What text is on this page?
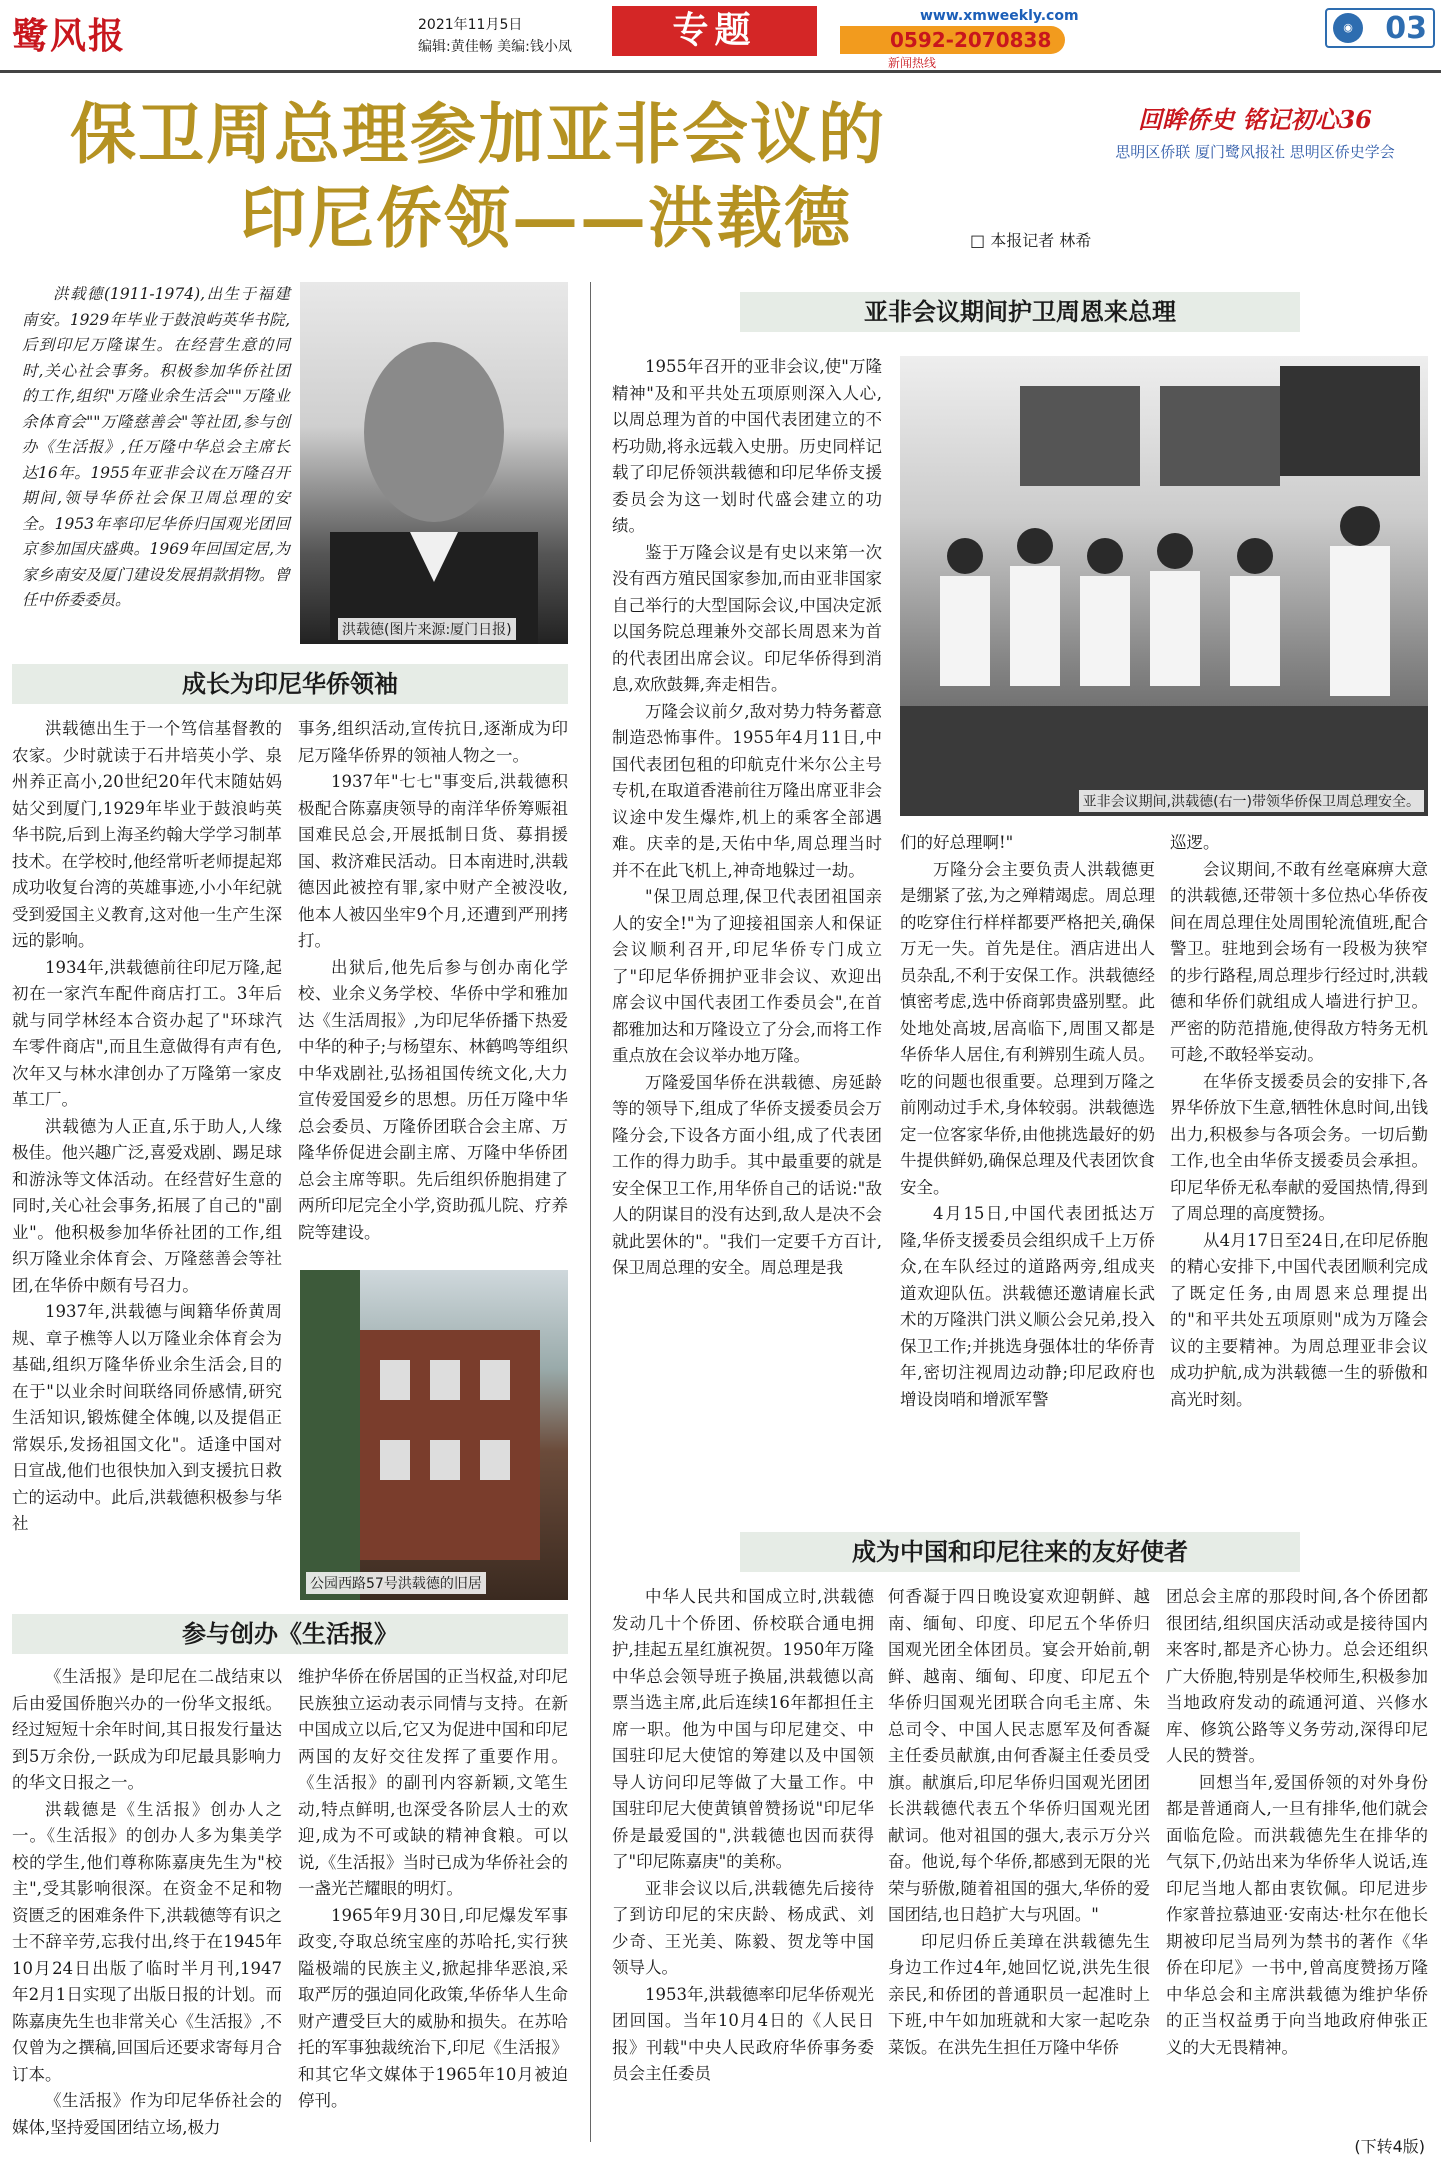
鹭风报	2021年11月5日
编辑:黄佳畅 美编:钱小凤	专题	www.xmweekly.com
0592-2070838
新闻热线
◉	03
保卫周总理参加亚非会议的
印尼侨领——洪载德
回眸侨史 铭记初心36
思明区侨联 厦门鹭风报社 思明区侨史学会
□ 本报记者 林希

洪载德(1911-1974),出生于福建南安。1929年毕业于鼓浪屿英华书院,后到印尼万隆谋生。在经营生意的同时,关心社会事务。积极参加华侨社团的工作,组织"万隆业余生活会""万隆业余体育会""万隆慈善会"等社团,参与创办《生活报》,任万隆中华总会主席长达16年。1955年亚非会议在万隆召开期间,领导华侨社会保卫周总理的安全。1953年率印尼华侨归国观光团回京参加国庆盛典。1969年回国定居,为家乡南安及厦门建设发展捐款捐物。曾任中侨委委员。

洪载德(图片来源:厦门日报)
成长为印尼华侨领袖

洪载德出生于一个笃信基督教的农家。少时就读于石井培英小学、泉州养正高小,20世纪20年代末随姑妈姑父到厦门,1929年毕业于鼓浪屿英华书院,后到上海圣约翰大学学习制革技术。在学校时,他经常听老师提起郑成功收复台湾的英雄事迹,小小年纪就受到爱国主义教育,这对他一生产生深远的影响。

1934年,洪载德前往印尼万隆,起初在一家汽车配件商店打工。3年后就与同学林经本合资办起了"环球汽车零件商店",而且生意做得有声有色,次年又与林水津创办了万隆第一家皮革工厂。

洪载德为人正直,乐于助人,人缘极佳。他兴趣广泛,喜爱戏剧、踢足球和游泳等文体活动。在经营好生意的同时,关心社会事务,拓展了自己的"副业"。他积极参加华侨社团的工作,组织万隆业余体育会、万隆慈善会等社团,在华侨中颇有号召力。

1937年,洪载德与闽籍华侨黄周规、章子樵等人以万隆业余体育会为基础,组织万隆华侨业余生活会,目的在于"以业余时间联络同侨感情,研究生活知识,锻炼健全体魄,以及提倡正常娱乐,发扬祖国文化"。适逢中国对日宣战,他们也很快加入到支援抗日救亡的运动中。此后,洪载德积极参与华社

事务,组织活动,宣传抗日,逐渐成为印尼万隆华侨界的领袖人物之一。

1937年"七七"事变后,洪载德积极配合陈嘉庚领导的南洋华侨筹赈祖国难民总会,开展抵制日货、募捐援国、救济难民活动。日本南进时,洪载德因此被控有罪,家中财产全被没收,他本人被囚坐牢9个月,还遭到严刑拷打。

出狱后,他先后参与创办南化学校、业余义务学校、华侨中学和雅加达《生活周报》,为印尼华侨播下热爱中华的种子;与杨望东、林鹤鸣等组织中华戏剧社,弘扬祖国传统文化,大力宣传爱国爱乡的思想。历任万隆中华总会委员、万隆侨团联合会主席、万隆华侨促进会副主席、万隆中华侨团总会主席等职。先后组织侨胞捐建了两所印尼完全小学,资助孤儿院、疗养院等建设。

公园西路57号洪载德的旧居
参与创办《生活报》

《生活报》是印尼在二战结束以后由爱国侨胞兴办的一份华文报纸。经过短短十余年时间,其日报发行量达到5万余份,一跃成为印尼最具影响力的华文日报之一。

洪载德是《生活报》创办人之一。《生活报》的创办人多为集美学校的学生,他们尊称陈嘉庚先生为"校主",受其影响很深。在资金不足和物资匮乏的困难条件下,洪载德等有识之士不辞辛劳,忘我付出,终于在1945年10月24日出版了临时半月刊,1947年2月1日实现了出版日报的计划。而陈嘉庚先生也非常关心《生活报》,不仅曾为之撰稿,回国后还要求寄每月合订本。

《生活报》作为印尼华侨社会的媒体,坚持爱国团结立场,极力

维护华侨在侨居国的正当权益,对印尼民族独立运动表示同情与支持。在新中国成立以后,它又为促进中国和印尼两国的友好交往发挥了重要作用。《生活报》的副刊内容新颖,文笔生动,特点鲜明,也深受各阶层人士的欢迎,成为不可或缺的精神食粮。可以说,《生活报》当时已成为华侨社会的一盏光芒耀眼的明灯。

1965年9月30日,印尼爆发军事政变,夺取总统宝座的苏哈托,实行狭隘极端的民族主义,掀起排华恶浪,采取严厉的强迫同化政策,华侨华人生命财产遭受巨大的威胁和损失。在苏哈托的军事独裁统治下,印尼《生活报》和其它华文媒体于1965年10月被迫停刊。

亚非会议期间护卫周恩来总理

1955年召开的亚非会议,使"万隆精神"及和平共处五项原则深入人心,以周总理为首的中国代表团建立的不朽功勋,将永远载入史册。历史同样记载了印尼侨领洪载德和印尼华侨支援委员会为这一划时代盛会建立的功绩。

鉴于万隆会议是有史以来第一次没有西方殖民国家参加,而由亚非国家自己举行的大型国际会议,中国决定派以国务院总理兼外交部长周恩来为首的代表团出席会议。印尼华侨得到消息,欢欣鼓舞,奔走相告。

万隆会议前夕,敌对势力特务蓄意制造恐怖事件。1955年4月11日,中国代表团包租的印航克什米尔公主号专机,在取道香港前往万隆出席亚非会议途中发生爆炸,机上的乘客全部遇难。庆幸的是,天佑中华,周总理当时并不在此飞机上,神奇地躲过一劫。

"保卫周总理,保卫代表团祖国亲人的安全!"为了迎接祖国亲人和保证会议顺利召开,印尼华侨专门成立了"印尼华侨拥护亚非会议、欢迎出席会议中国代表团工作委员会",在首都雅加达和万隆设立了分会,而将工作重点放在会议举办地万隆。

万隆爱国华侨在洪载德、房延龄等的领导下,组成了华侨支援委员会万隆分会,下设各方面小组,成了代表团工作的得力助手。其中最重要的就是安全保卫工作,用华侨自己的话说:"敌人的阴谋目的没有达到,敌人是决不会就此罢休的"。"我们一定要千方百计,保卫周总理的安全。周总理是我

亚非会议期间,洪载德(右一)带领华侨保卫周总理安全。

们的好总理啊!"

万隆分会主要负责人洪载德更是绷紧了弦,为之殚精竭虑。周总理的吃穿住行样样都要严格把关,确保万无一失。首先是住。酒店进出人员杂乱,不利于安保工作。洪载德经慎密考虑,选中侨商郭贵盛别墅。此处地处高坡,居高临下,周围又都是华侨华人居住,有利辨别生疏人员。吃的问题也很重要。总理到万隆之前刚动过手术,身体较弱。洪载德选定一位客家华侨,由他挑选最好的奶牛提供鲜奶,确保总理及代表团饮食安全。

4月15日,中国代表团抵达万隆,华侨支援委员会组织成千上万侨众,在车队经过的道路两旁,组成夹道欢迎队伍。洪载德还邀请雇长武术的万隆洪门洪义顺公会兄弟,投入保卫工作;并挑选身强体壮的华侨青年,密切注视周边动静;印尼政府也增设岗哨和增派军警

巡逻。

会议期间,不敢有丝毫麻痹大意的洪载德,还带领十多位热心华侨夜间在周总理住处周围轮流值班,配合警卫。驻地到会场有一段极为狭窄的步行路程,周总理步行经过时,洪载德和华侨们就组成人墙进行护卫。严密的防范措施,使得敌方特务无机可趁,不敢轻举妄动。

在华侨支援委员会的安排下,各界华侨放下生意,牺牲休息时间,出钱出力,积极参与各项会务。一切后勤工作,也全由华侨支援委员会承担。印尼华侨无私奉献的爱国热情,得到了周总理的高度赞扬。

从4月17日至24日,在印尼侨胞的精心安排下,中国代表团顺利完成了既定任务,由周恩来总理提出的"和平共处五项原则"成为万隆会议的主要精神。为周总理亚非会议成功护航,成为洪载德一生的骄傲和高光时刻。

成为中国和印尼往来的友好使者

中华人民共和国成立时,洪载德发动几十个侨团、侨校联合通电拥护,挂起五星红旗祝贺。1950年万隆中华总会领导班子换届,洪载德以高票当选主席,此后连续16年都担任主席一职。他为中国与印尼建交、中国驻印尼大使馆的筹建以及中国领导人访问印尼等做了大量工作。中国驻印尼大使黄镇曾赞扬说"印尼华侨是最爱国的",洪载德也因而获得了"印尼陈嘉庚"的美称。

亚非会议以后,洪载德先后接待了到访印尼的宋庆龄、杨成武、刘少奇、王光美、陈毅、贺龙等中国领导人。

1953年,洪载德率印尼华侨观光团回国。当年10月4日的《人民日报》刊载"中央人民政府华侨事务委员会主任委员

何香凝于四日晚设宴欢迎朝鲜、越南、缅甸、印度、印尼五个华侨归国观光团全体团员。宴会开始前,朝鲜、越南、缅甸、印度、印尼五个华侨归国观光团联合向毛主席、朱总司令、中国人民志愿军及何香凝主任委员献旗,由何香凝主任委员受旗。献旗后,印尼华侨归国观光团团长洪载德代表五个华侨归国观光团献词。他对祖国的强大,表示万分兴奋。他说,每个华侨,都感到无限的光荣与骄傲,随着祖国的强大,华侨的爱国团结,也日趋扩大与巩固。"

印尼归侨丘美璋在洪载德先生身边工作过4年,她回忆说,洪先生很亲民,和侨团的普通职员一起准时上下班,中午如加班就和大家一起吃杂菜饭。在洪先生担任万隆中华侨

团总会主席的那段时间,各个侨团都很团结,组织国庆活动或是接待国内来客时,都是齐心协力。总会还组织广大侨胞,特别是华校师生,积极参加当地政府发动的疏通河道、兴修水库、修筑公路等义务劳动,深得印尼人民的赞誉。

回想当年,爱国侨领的对外身份都是普通商人,一旦有排华,他们就会面临危险。而洪载德先生在排华的气氛下,仍站出来为华侨华人说话,连印尼当地人都由衷钦佩。印尼进步作家普拉慕迪亚·安南达·杜尔在他长期被印尼当局列为禁书的著作《华侨在印尼》一书中,曾高度赞扬万隆中华总会和主席洪载德为维护华侨的正当权益勇于向当地政府伸张正义的大无畏精神。

(下转4版)
